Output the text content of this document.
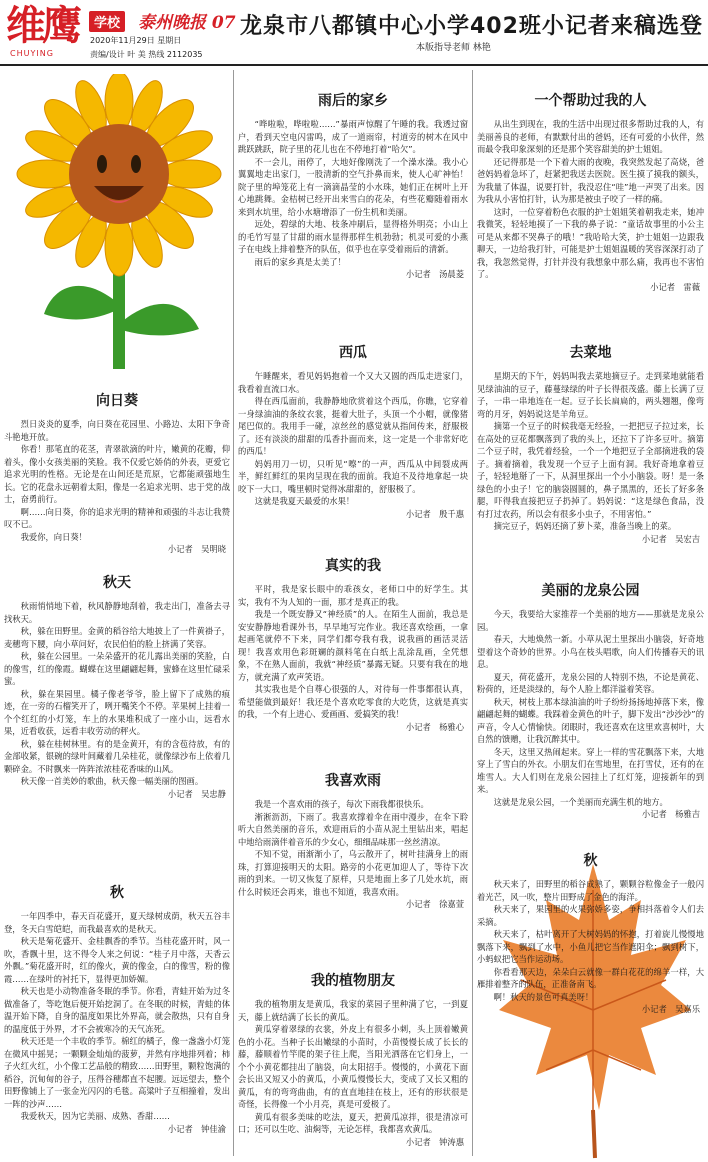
维鹰
CHUYING
学校 泰州晚报 07
2020年11月29日 星期日
责编/设计 叶 美 热线 2112035
龙泉市八都镇中心小学402班小记者来稿选登
本版指导老师 林艳
向日葵

烈日炎炎的夏季，向日葵在花园里、小路边、太阳下争奇斗艳地开放。

你看！那笔直的花茎，青翠欲滴的叶片，嫩黄的花瓣，仰着头，像小女孩美丽的笑脸。我不仅爱它娇俏的外表，更爱它追求光明的性格。无论是在山间还是荒原，它都能顽强地生长。它的花盘永远朝着太阳，像是一名追求光明、忠于党的战士，奋勇前行。

啊……向日葵，你的追求光明的精神和顽强的斗志让我赞叹不已。

我爱你，向日葵！

小记者　吴明晓
秋天

秋雨悄悄地下着，秋风静静地刮着，我走出门，准备去寻找秋天。

秋，躲在田野里。金黄的稻谷给大地披上了一件黄褂子，麦穗弯下腰，向小草问好，农民伯伯的脸上挤满了笑容。

秋，躲在公园里。一朵朵盛开的花儿露出美丽的笑脸，白的像雪，红的像霞。蝴蝶在这里翩翩起舞，蜜蜂在这里忙碌采蜜。

秋，躲在果园里。橘子像老爷爷，脸上留下了成熟的痕迹，在一旁的石榴笑开了，咧开嘴笑个不停。苹果树上挂着一个个红红的小灯笼，车上的水果堆积成了一座小山，远看水果，近看收获，远看丰收劳动的秤火。

秋，躲在桂树林里。有的是金黄开，有的含苞待放，有的金部收紧，银碗的绿叶间藏着几朵桂花，就像绿沙布上依着几颗碎金。不时飘来一阵阵浓浓桂花香味的山风。

秋天像一首美妙的歌曲，秋天像一幅美丽的图画。

小记者　吴忠静
秋

一年四季中，春天百花盛开，夏天绿树成荫，秋天五谷丰登，冬天白雪皑皑，而我最喜欢的是秋天。

秋天是菊花盛开、金桂飘香的季节。当桂花盛开时，风一吹，香飘十里，这不得令人来之何说：“桂子月中落，天香云外飘。”菊花盛开时，红的像火，黄的像金，白的像雪，粉的像霞……在绿叶的衬托下，显得更加娇媚。

秋天也是小动物准备冬眠的季节。你看，青蛙开始为过冬做准备了，等吃饱后便开始挖洞了。在冬眠的时候，青蛙的体温开始下降，自身的温度如果比外界高，就会散热，只有自身的温度低于外界，才不会被寒冷的天气冻死。

秋天还是一个丰收的季节。棉红的橘子，像一盏盏小灯笼在微风中摇晃；一颗颗金灿灿的菠萝，并然有序地排列着；柿子火红火红，小个像工艺品般的精致……田野里，颗粒饱满的稻谷，沉甸甸的谷子，压得谷穗都直不起腰。远远望去，整个田野像铺上了一张金光闪闪的毛毯。高粱叶子互相撞着，发出一阵的沙声……

我爱秋天，因为它美丽、成熟、香甜……

小记者　钟佳渝
雨后的家乡

“哗啦啦，哗啦啦……”暴雨声惊醒了午睡的我。我透过窗户，看到天空电闪雷鸣，成了一道雨帘，村道旁的树木在风中跳跃跳跃，院子里的花儿也在不停地打着“哈欠”。

不一会儿，雨停了，大地好像刚洗了一个澡水澡。我小心翼翼地走出家门，一股清新的空气扑鼻而来，使人心旷神怡！院子里的埠笼花上有一滴滴晶莹的小水珠，她们正在树叶上开心地跳舞。金桔树已经开出来雪白的花朵，有些花瓣随着雨水来到水坑里，给小水塘增添了一份生机和美丽。

远处，碧绿的大地、枝条冲刷后，显得格外明亮；小山上的毛竹写显了甘甜的雨水显得那样生机勃勃；机灵可爱的小燕子在电线上排着整齐的队伍，似乎也在享受着雨后的清新。

雨后的家乡真是太美了！

小记者　汤晨菱
西瓜

午睡醒来，看见妈妈抱着一个又大又圆的西瓜走进家门，我看着直流口水。

得在西瓜面前，我静静地欣赏着这个西瓜，你瞧，它穿着一身绿油油的条纹衣裳，挺着大肚子，头顶一个小帽，就像猪尾巴似的。我用手一碰，凉丝丝的感觉就从指间传来，舒服极了。还有淡淡的甜甜的瓜香扑面而来，这一定是一个非常好吃的西瓜！

妈妈用刀一切，只听见“嚓”的一声，西瓜从中间裂成两半，鲜红鲜红的果肉呈现在我的面前。我迫不及待地拿起一块咬下一大口，嘴里顿时觉得冰甜甜的，舒服极了。

这就是我夏天最爱的水果！

小记者　殷千惠
真实的我

平时，我是家长眼中的乖孩女，老师口中的好学生。其实，我有不为人知的一面，那才是真正的我。

我是一个既安静又“神经质”的人。在陌生人面前，我总是安安静静地看课外书，早早地写完作业。我还喜欢绘画，一拿起画笔就停不下来，同学们都夸我有我，说我画的画活灵活现！我喜欢用色彩斑斓的颜料笔在白纸上乱涂乱画，全凭想象，不在熟人面前，我就“神经质”暴露无疑。只要有我在的地方，就充满了欢声笑语。

其实我也是个自尊心很强的人，对待每一件事都很认真，希望能做到最好！我还是个喜欢吃零食的大吃货，这就是真实的我，一个有上进心、爱画画、爱搞笑的我！

小记者　杨雅心
我喜欢雨

我是一个喜欢雨的孩子，每次下雨我都很快乐。

淅淅沥沥，下雨了。我喜欢撑着伞在雨中漫步，在伞下聆听大自然美丽的音乐，欢迎雨后的小苗从泥土里钻出来，唱起中地给雨滴伴着音乐的少女心，细细品味那一丝丝清凉。

不知不觉，雨渐渐小了，乌云散开了，树叶挂满身上的雨珠，打算迎接明天的太阳。路旁的小花更加迎人了，等待下次雨的到来。一切又恢复了原样，只是地面上多了几处水坑，雨什么时候还会再来，谁也不知道，我喜欢雨。

小记者　徐嘉萱
我的植物朋友

我的植物朋友是黄瓜，我家的菜园子里种满了它，一到夏天，藤上就结满了长长的黄瓜。

黄瓜穿着翠绿的衣裳，外皮上有很多小刺，头上顶着嫩黄色的小花。当种子长出嫩绿的小苗时，小苗慢慢长成了长长的藤，藤顺着竹竿爬的架子往上爬，当阳光洒落在它们身上，一个个小黄花都挂出了脑袋，向太阳招手。慢慢的，小黄花下面会长出又短又小的黄瓜，小黄瓜慢慢长大，变成了又长又粗的黄瓜，有的弯弯曲曲，有的直直地挂在枝上，还有的形状很是奇怪，长得像一个小月亮，真是可爱极了。

黄瓜有很多美味的吃法，夏天，把黄瓜凉拌，很是清凉可口；还可以生吃、油焖等，无论怎样，我都喜欢黄瓜。

小记者　钟涛惠
一个帮助过我的人

从出生到现在，我的生活中出现过很多帮助过我的人，有美丽善良的老师，有默默付出的爸妈，还有可爱的小伙伴，然而最令我印象深刻的还是那个笑容甜美的护士姐姐。

还记得那是一个下着大雨的夜晚，我突然发起了高烧，爸爸妈妈着急坏了，赶紧把我送去医院。医生摸了摸我的额头，为我量了体温，说要打针，我没忍住“哇”地一声哭了出来。因为我从小害怕打针，认为那是被虫子咬了一样的痛。

这时，一位穿着粉色衣服的护士姐姐笑着朝我走来，她冲我微笑，轻轻地摸了一下我的鼻子说：“童话故事里的小公主可是从来都不哭鼻子的哦！”我哈哈大笑，护士姐姐一边跟我聊天，一边给我打针，可能是护士姐姐温暖的笑容深深打动了我，我忽然觉得，打针并没有我想象中那么痛，我再也不害怕了。

小记者　雷薇
去菜地

星期天的下午，妈妈叫我去菜地摘豆子。走到菜地就能看见绿油油的豆子，藤蔓绿绿的叶子长得很茂盛。藤上长满了豆子，一串一串地连在一起。豆子长长扁扁的，两头翘翘，像弯弯的月牙，妈妈说这是羊角豆。

摘第一个豆子的时候我毫无经验，一把把豆子拉过来，长在高处的豆花都飘落到了我的头上，还拉下了许多豆叶。摘第二个豆子时，我凭着经验，一个一个地把豆子全部摘进我的袋子。摘着摘着，我发现一个豆子上面有洞。我好奇地拿着豆子，轻轻地掰了一下，从洞里探出一个小小脑袋。呀！是一条绿色的小虫子！它的脑袋圆圆的，鼻子黑黑的，还长了好多条腿，吓得我直接把豆子扔掉了。妈妈说：“这是绿色食品，没有打过农药，所以会有很多小虫子，不用害怕。”

摘完豆子，妈妈还摘了萝卜菜，准备当晚上的菜。

小记者　吴宏吉
美丽的龙泉公园

今天，我要给大家推荐一个美丽的地方——那就是龙泉公园。

春天，大地焕然一新。小草从泥土里探出小脑袋，好奇地望着这个奇妙的世界。小鸟在枝头唱歌，向人们传播春天的讯息。

夏天，荷花盛开，龙泉公园的人特别不热，不论是黄花、粉荷的，还是淡绿的，每个人脸上都洋溢着笑容。

秋天，树枝上那本绿油油的叶子纷纷扬扬地掉落下来，像翩翩起舞的蝴蝶。我踩着金黄色的叶子，脚下发出“沙沙沙”的声音，令人心情愉快。闭眼时，我还喜欢在这里欢喜树叶，大自然的馈赠，让我沉醉其中。

冬天，这里又热闹起来。穿上一样的雪花飘落下来，大地穿上了雪白的外衣。小朋友们在雪地里，在打雪仗，还有的在堆雪人。大人们则在龙泉公园挂上了红灯笼，迎接新年的到来。

这就是龙泉公园，一个美丽而充满生机的地方。

小记者　杨雅吉
秋

秋天来了，田野里的稻谷成熟了，颗颗谷粒像金子一般闪着光芒，风一吹，整片田野成了金色的海洋。

秋天来了，果园里的火果弥娇多姿，争相抖落着令人们去采摘。

秋天来了，枯叶离开了大树妈妈的怀抱，打着旋儿慢慢地飘落下来，飘到了水中，小鱼儿把它当作遮阳伞；飘到树下，小蚂蚁把它当作运动场。

你看看那天边，朵朵白云就像一群白花花的绵羊一样，大雁排着整齐的队伍，正准备南飞。

啊！秋天的景色可真美呀！

小记者　吴嘉乐
